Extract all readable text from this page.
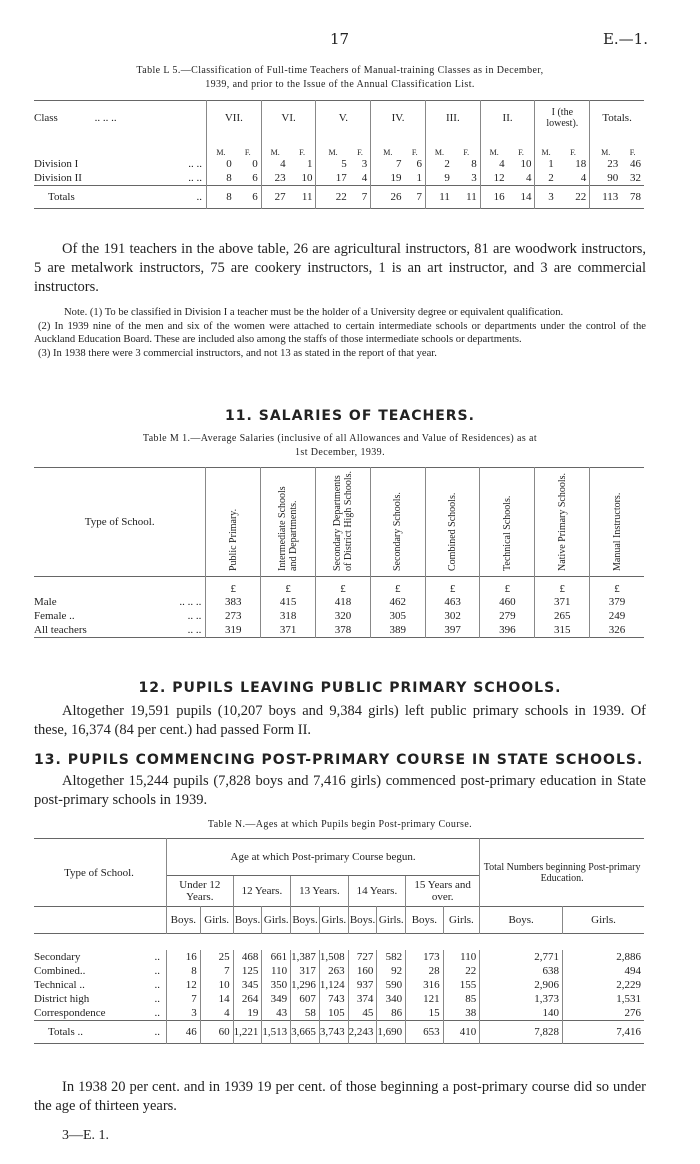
17	E.—1.
Table L 5.—Classification of Full-time Teachers of Manual-training Classes as in December,
1939, and prior to the Issue of the Annual Classification List.
Class .. .. ..	VII.		VI.		V.		IV.		III.		II.		I (the lowest).		Totals.	
	M.	F.	M.	F.	M.	F.	M.	F.	M.	F.	M.	F.	M.	F.	M.	F.
Division I .. ..	0	0	4	1	5	3	7	6	2	8	4	10	1	18	23	46
Division II .. ..	8	6	23	10	17	4	19	1	9	3	12	4	2	4	90	32
Totals ..	8	6	27	11	22	7	26	7	11	11	16	14	3	22	113	78
Of the 191 teachers in the above table, 26 are agricultural instructors, 81 are woodwork instructors, 5 are metalwork instructors, 75 are cookery instructors, 1 is an art instructor, and 3 are commercial instructors.
Note. (1) To be classified in Division I a teacher must be the holder of a University degree or equivalent qualification.
(2) In 1939 nine of the men and six of the women were attached to certain intermediate schools or departments under the control of the Auckland Education Board. These are included also among the staffs of those intermediate schools or departments.
(3) In 1938 there were 3 commercial instructors, and not 13 as stated in the report of that year.
11. SALARIES OF TEACHERS.
Table M 1.—Average Salaries (inclusive of all Allowances and Value of Residences) as at
1st December, 1939.
Type of School.	Public Primary.	Intermediate Schools and Departments.	Secondary Departments of District High Schools.	Secondary Schools.	Combined Schools.	Technical Schools.	Native Primary Schools.	Manual Instructors.
	£	£	£	£	£	£	£	£
Male .. .. ..	383	415	418	462	463	460	371	379
Female .. .. ..	273	318	320	305	302	279	265	249
All teachers .. ..	319	371	378	389	397	396	315	326
12. PUPILS LEAVING PUBLIC PRIMARY SCHOOLS.
Altogether 19,591 pupils (10,207 boys and 9,384 girls) left public primary schools in 1939. Of these, 16,374 (84 per cent.) had passed Form II.
13. PUPILS COMMENCING POST-PRIMARY COURSE IN STATE SCHOOLS.
Altogether 15,244 pupils (7,828 boys and 7,416 girls) commenced post-primary education in State post-primary schools in 1939.
Table N.—Ages at which Pupils begin Post-primary Course.
Type of School.		Age at which Post-primary Course begun.										Total Numbers beginning Post-primary Education.	
		Under 12 Years.		12 Years.		13 Years.		14 Years.		15 Years and over.			
		Boys.	Girls.	Boys.	Girls.	Boys.	Girls.	Boys.	Girls.	Boys.	Girls.	Boys.	Girls.

Secondary ..		16	25	468	661	1,387	1,508	727	582	173	110	2,771	2,886
Combined.. ..		8	7	125	110	317	263	160	92	28	22	638	494
Technical .. ..		12	10	345	350	1,296	1,124	937	590	316	155	2,906	2,229
District high ..		7	14	264	349	607	743	374	340	121	85	1,373	1,531
Correspondence ..		3	4	19	43	58	105	45	86	15	38	140	276
Totals .. ..		46	60	1,221	1,513	3,665	3,743	2,243	1,690	653	410	7,828	7,416
In 1938 20 per cent. and in 1939 19 per cent. of those beginning a post-primary course did so under the age of thirteen years.
3—E. 1.
